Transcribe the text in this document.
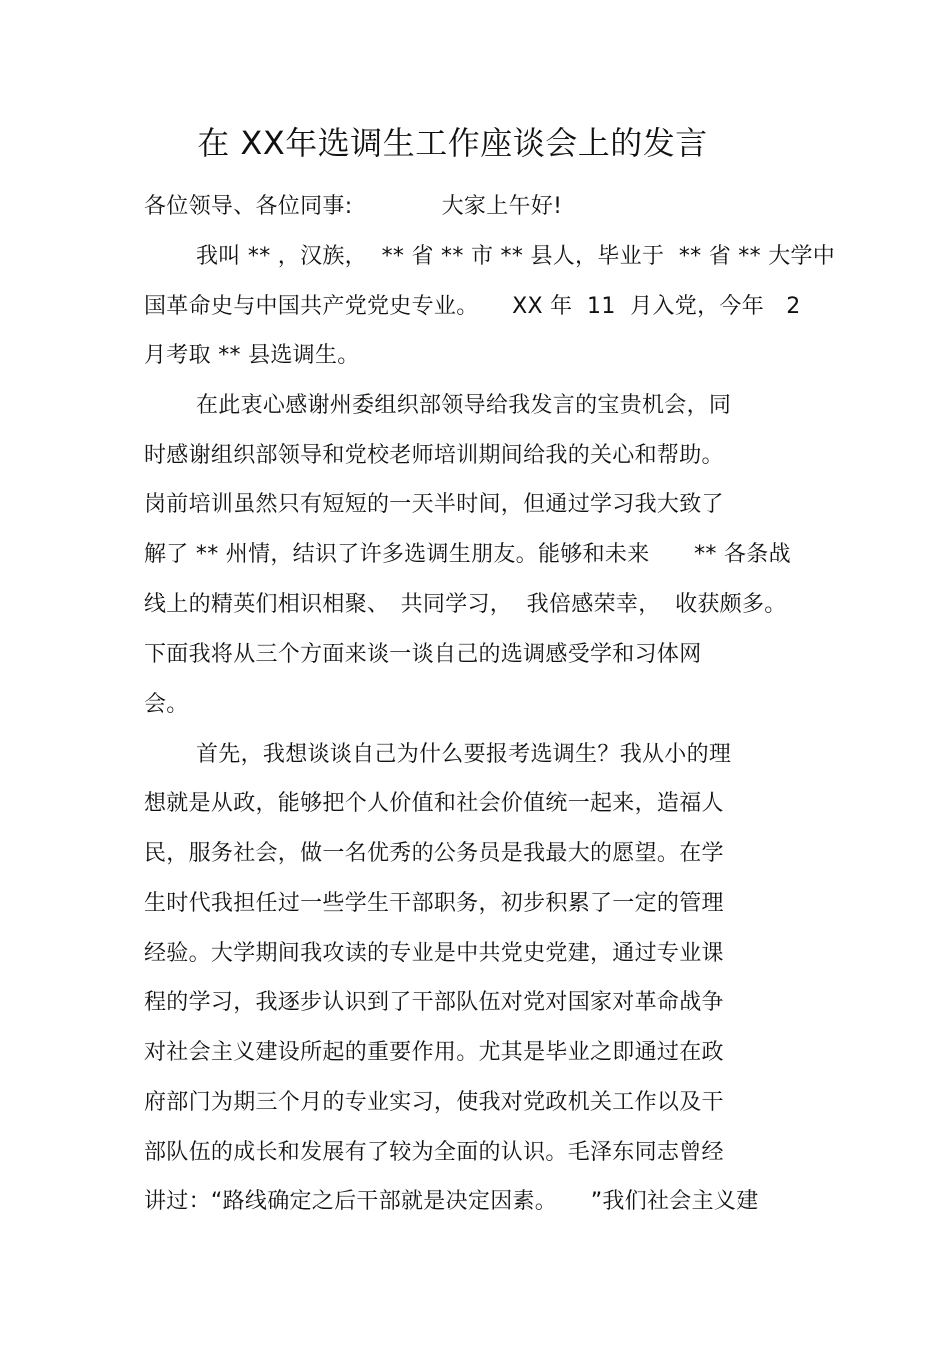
在 XX年选调生工作座谈会上的发言
各位领导、各位同事:　　　　大家上午好!
我叫 ** ，汉族，  ** 省 ** 市 ** 县人，毕业于  ** 省 ** 大学中
国革命史与中国共产党党史专业。　　XX 年  11  月入党，今年　2
月考取 ** 县选调生。
在此衷心感谢州委组织部领导给我发言的宝贵机会，同
时感谢组织部领导和党校老师培训期间给我的关心和帮助。
岗前培训虽然只有短短的一天半时间，但通过学习我大致了
解了 ** 州情，结识了许多选调生朋友。能够和未来　　** 各条战
线上的精英们相识相聚、　共同学习，  我倍感荣幸，  收获颇多。
下面我将从三个方面来谈一谈自己的选调感受学和习体网
会。
首先，我想谈谈自己为什么要报考选调生？我从小的理
想就是从政，能够把个人价值和社会价值统一起来，造福人
民，服务社会，做一名优秀的公务员是我最大的愿望。在学
生时代我担任过一些学生干部职务，初步积累了一定的管理
经验。大学期间我攻读的专业是中共党史党建，通过专业课
程的学习，我逐步认识到了干部队伍对党对国家对革命战争
对社会主义建设所起的重要作用。尤其是毕业之即通过在政
府部门为期三个月的专业实习，使我对党政机关工作以及干
部队伍的成长和发展有了较为全面的认识。毛泽东同志曾经
讲过：“路线确定之后干部就是决定因素。　　”我们社会主义建
